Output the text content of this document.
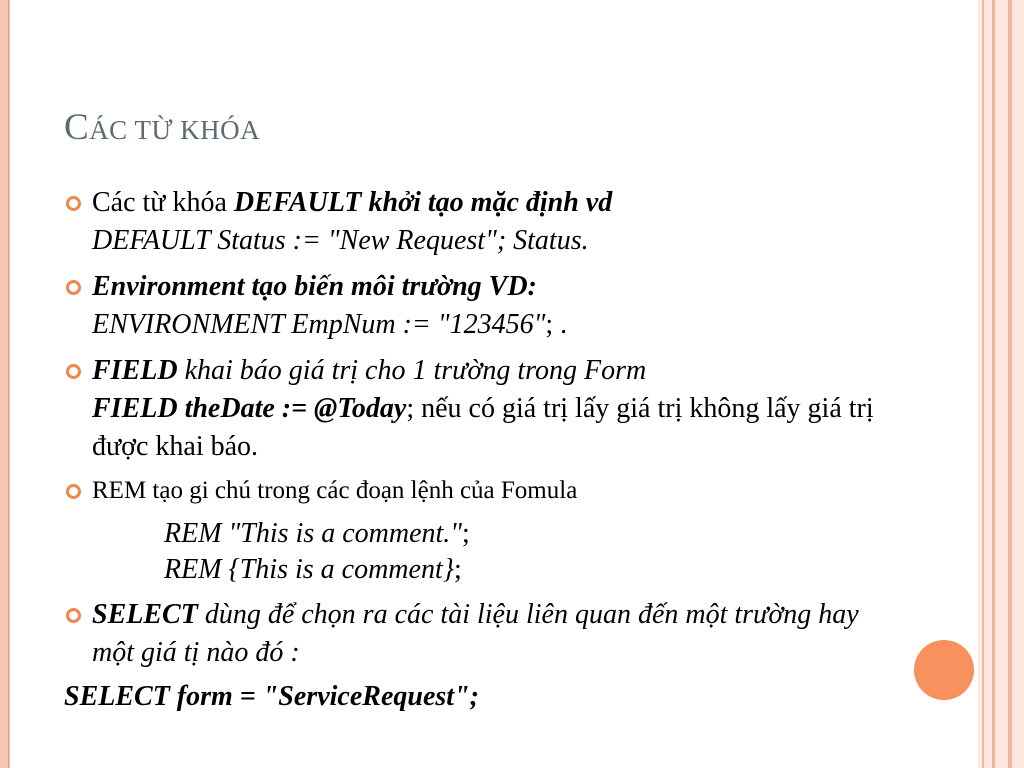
CÁC TỪ KHÓA
Các từ khóa DEFAULT khởi tạo mặc định vd
DEFAULT Status := "New Request"; Status.
Environment tạo biến môi trường VD:
ENVIRONMENT EmpNum := "123456"; .
FIELD khai báo giá trị cho 1 trường trong Form
FIELD theDate := @Today; nếu có giá trị lấy giá trị không lấy giá trị được khai báo.
REM tạo gi chú trong các đoạn lệnh của Fomula
REM "This is a comment.";
REM {This is a comment};
SELECT dùng để chọn ra các tài liệu liên quan đến một trường hay một giá tị nào đó :
SELECT form = "ServiceRequest";
